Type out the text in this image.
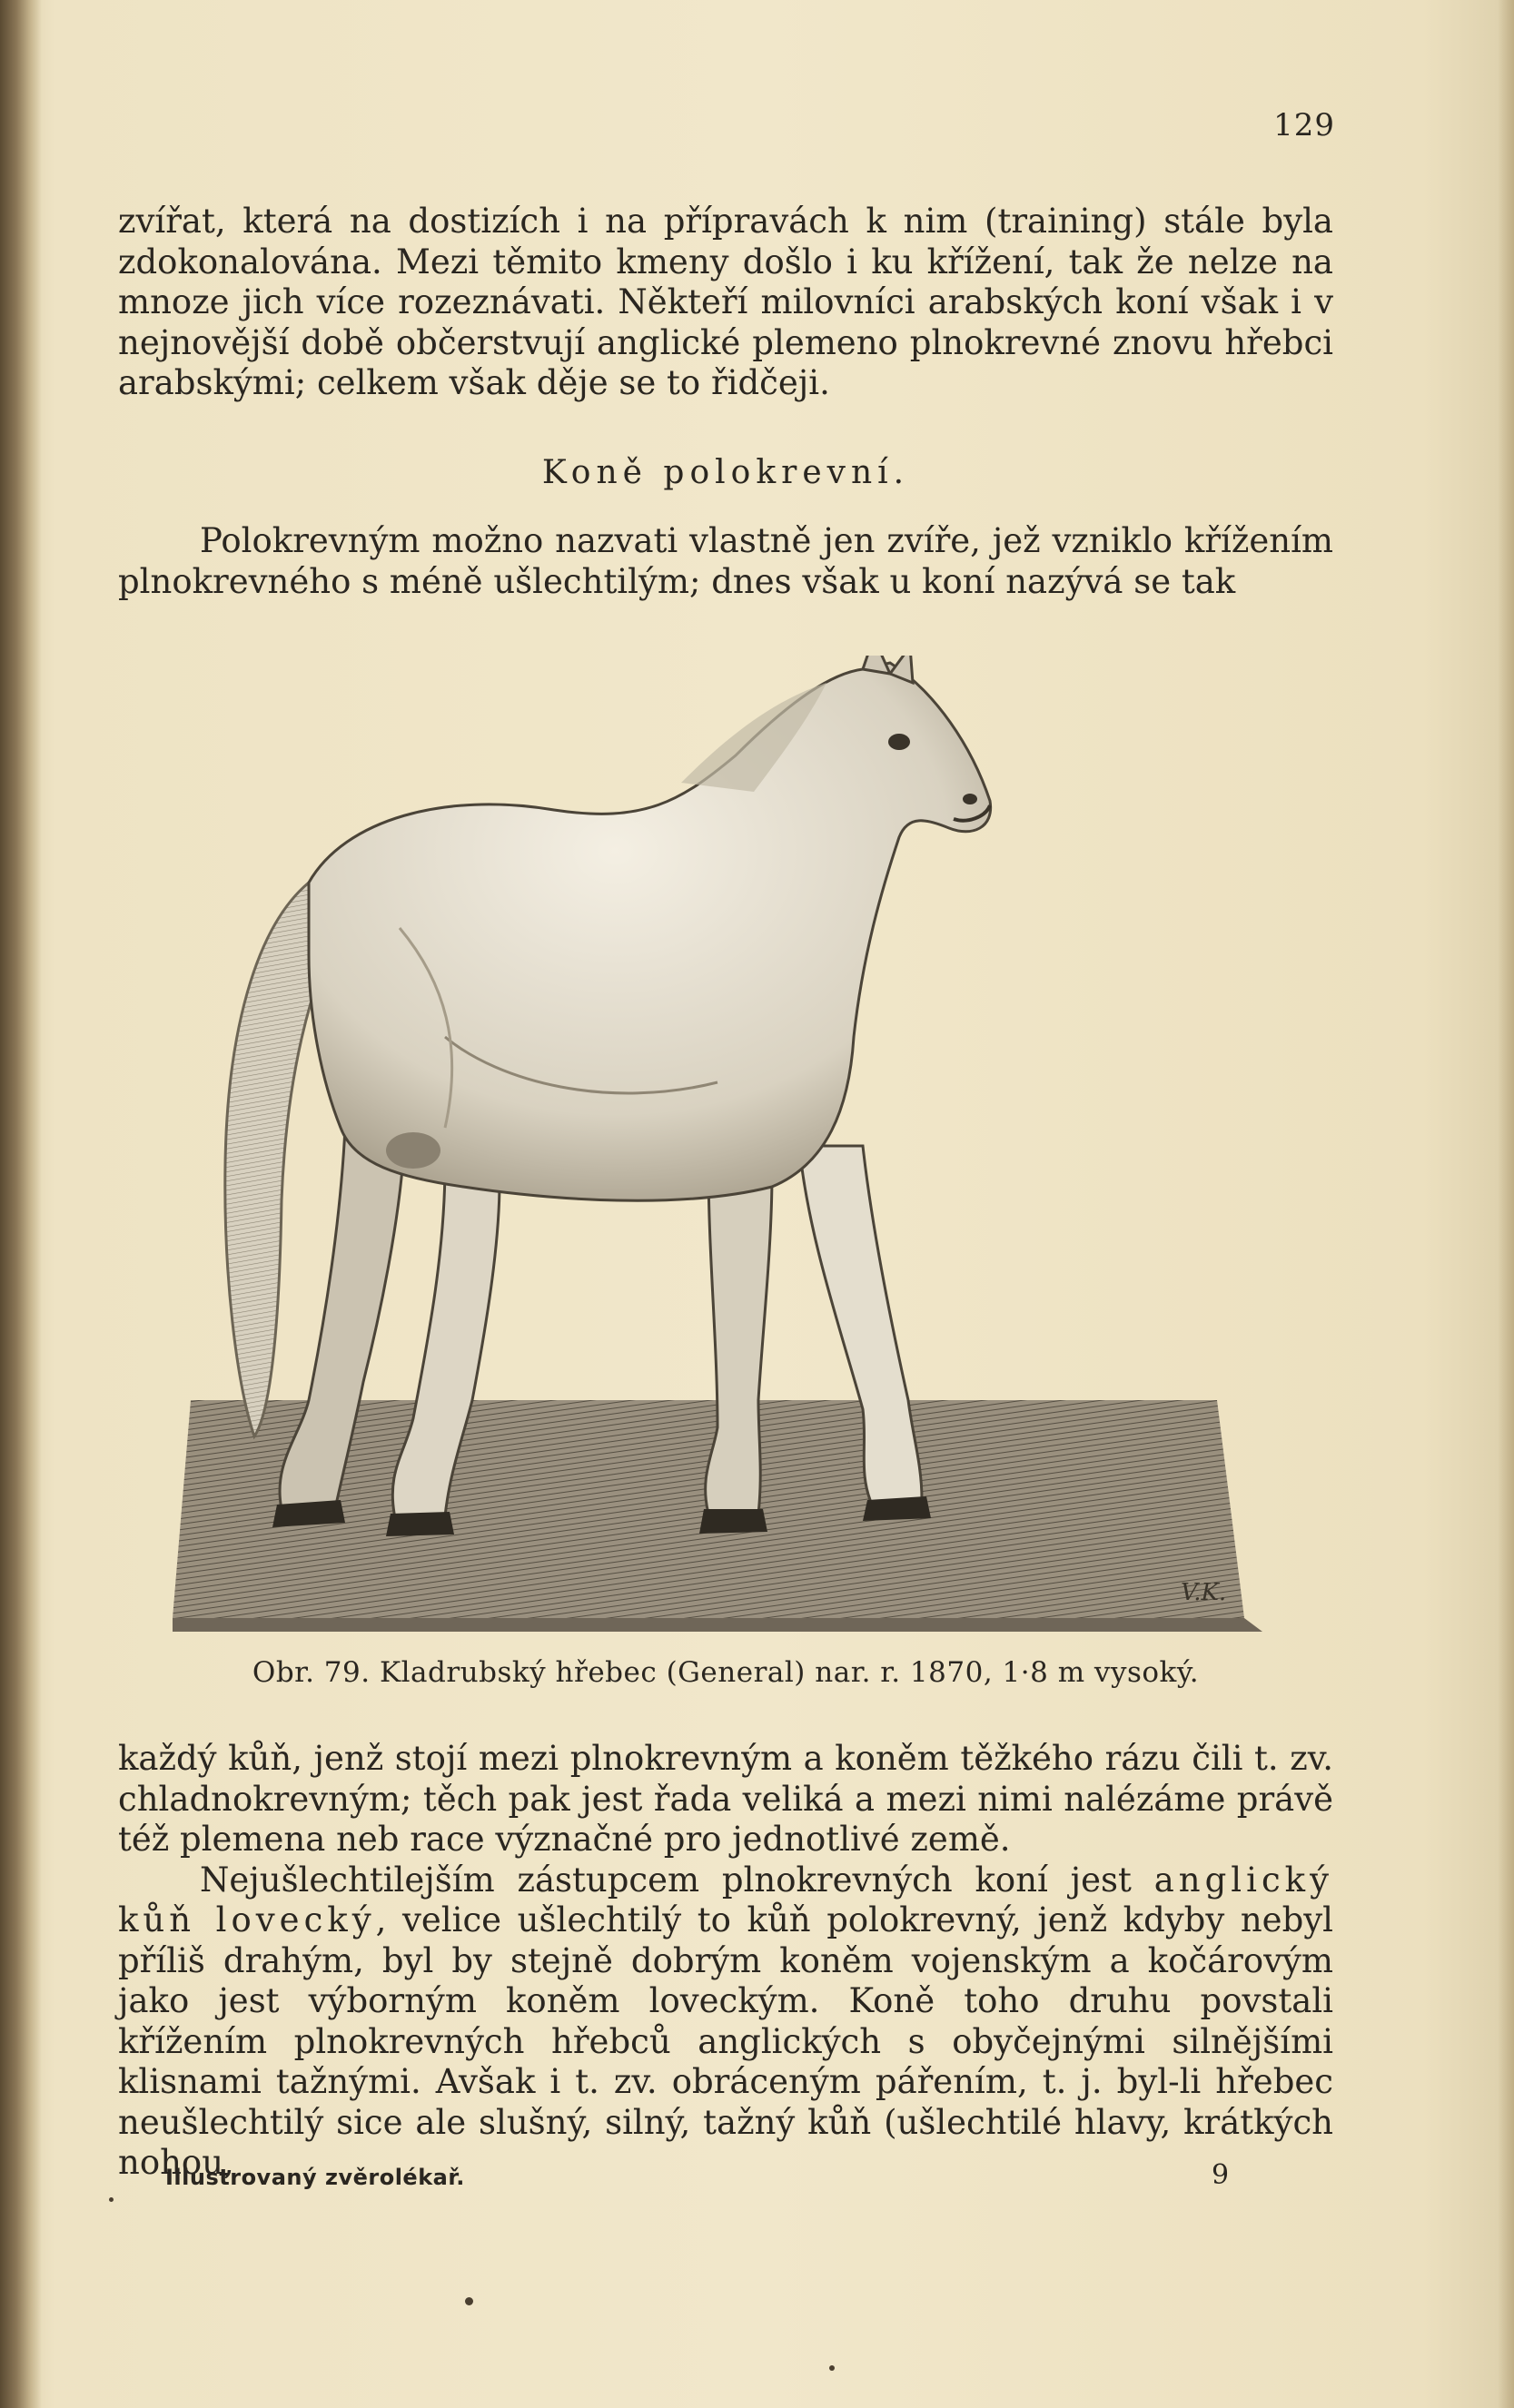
129

zvířat, která na dostizích i na přípravách k nim (training) stále byla zdokonalována. Mezi těmito kmeny došlo i ku křížení, tak že nelze na mnoze jich více rozeznávati. Někteří milovníci arabských koní však i v nejnovější době občerstvují anglické plemeno plnokrevné znovu hřebci arabskými; celkem však děje se to řidčeji.

Koně polokrevní.

Polokrevným možno nazvati vlastně jen zvíře, jež vzniklo křížením plnokrevného s méně ušlechtilým; dnes však u koní nazývá se tak

V.K.
Obr. 79. Kladrubský hřebec (General) nar. r. 1870, 1·8 m vysoký.

každý kůň, jenž stojí mezi plnokrevným a koněm těžkého rázu čili t. zv. chladnokrevným; těch pak jest řada veliká a mezi nimi nalézáme právě též plemena neb race význačné pro jednotlivé země.

Nejušlechtilejším zástupcem plnokrevných koní jest anglický kůň lovecký, velice ušlechtilý to kůň polokrevný, jenž kdyby nebyl příliš drahým, byl by stejně dobrým koněm vojenským a kočárovým jako jest výborným koněm loveckým. Koně toho druhu povstali křížením plnokrevných hřebců anglických s obyčejnými silnějšími klisnami tažnými. Avšak i t. zv. obráceným pářením, t. j. byl-li hřebec neušlechtilý sice ale slušný, silný, tažný kůň (ušlechtilé hlavy, krátkých nohou,

Illustrovaný zvěrolékař.	9
